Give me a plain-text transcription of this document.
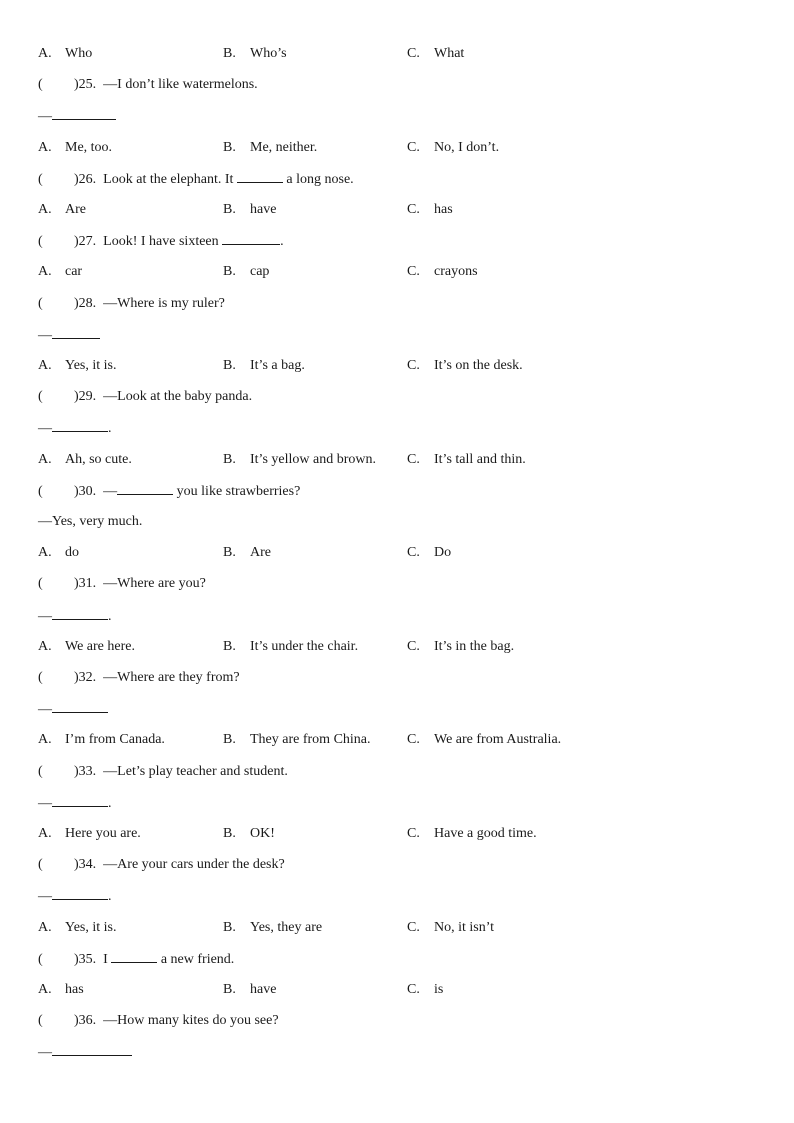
A. Who	B. Who’s	C. What
( )25. —I don’t like watermelons.
—
A. Me, too.	B. Me, neither.	C. No, I don’t.
( )26. Look at the elephant. It	a long nose.
A. Are	B. have	C. has
( )27. Look! I have sixteen	.
A. car	B. cap	C. crayons
( )28. —Where is my ruler?
—
A. Yes, it is.	B. It’s a bag.	C. It’s on the desk.
( )29. —Look at the baby panda.
—	.
A. Ah, so cute.	B. It’s yellow and brown. C. It’s tall and thin.
( )30. —	you like strawberries?
—Yes, very much.
A. do	B. Are	C. Do
( )31. —Where are you?
—	.
A. We are here.	B. It’s under the chair.	C. It’s in the bag.
( )32. —Where are they from?
—
A. I’m from Canada.	B. They are from China.	C. We are from Australia.
( )33. —Let’s play teacher and student.
—	.
A. Here you are.	B. OK!	C. Have a good time.
( )34. —Are your cars under the desk?
—	.
A. Yes, it is.	B. Yes, they are	C. No, it isn’t
( )35. I	a new friend.
A. has	B. have	C. is
( )36. —How many kites do you see?
—
